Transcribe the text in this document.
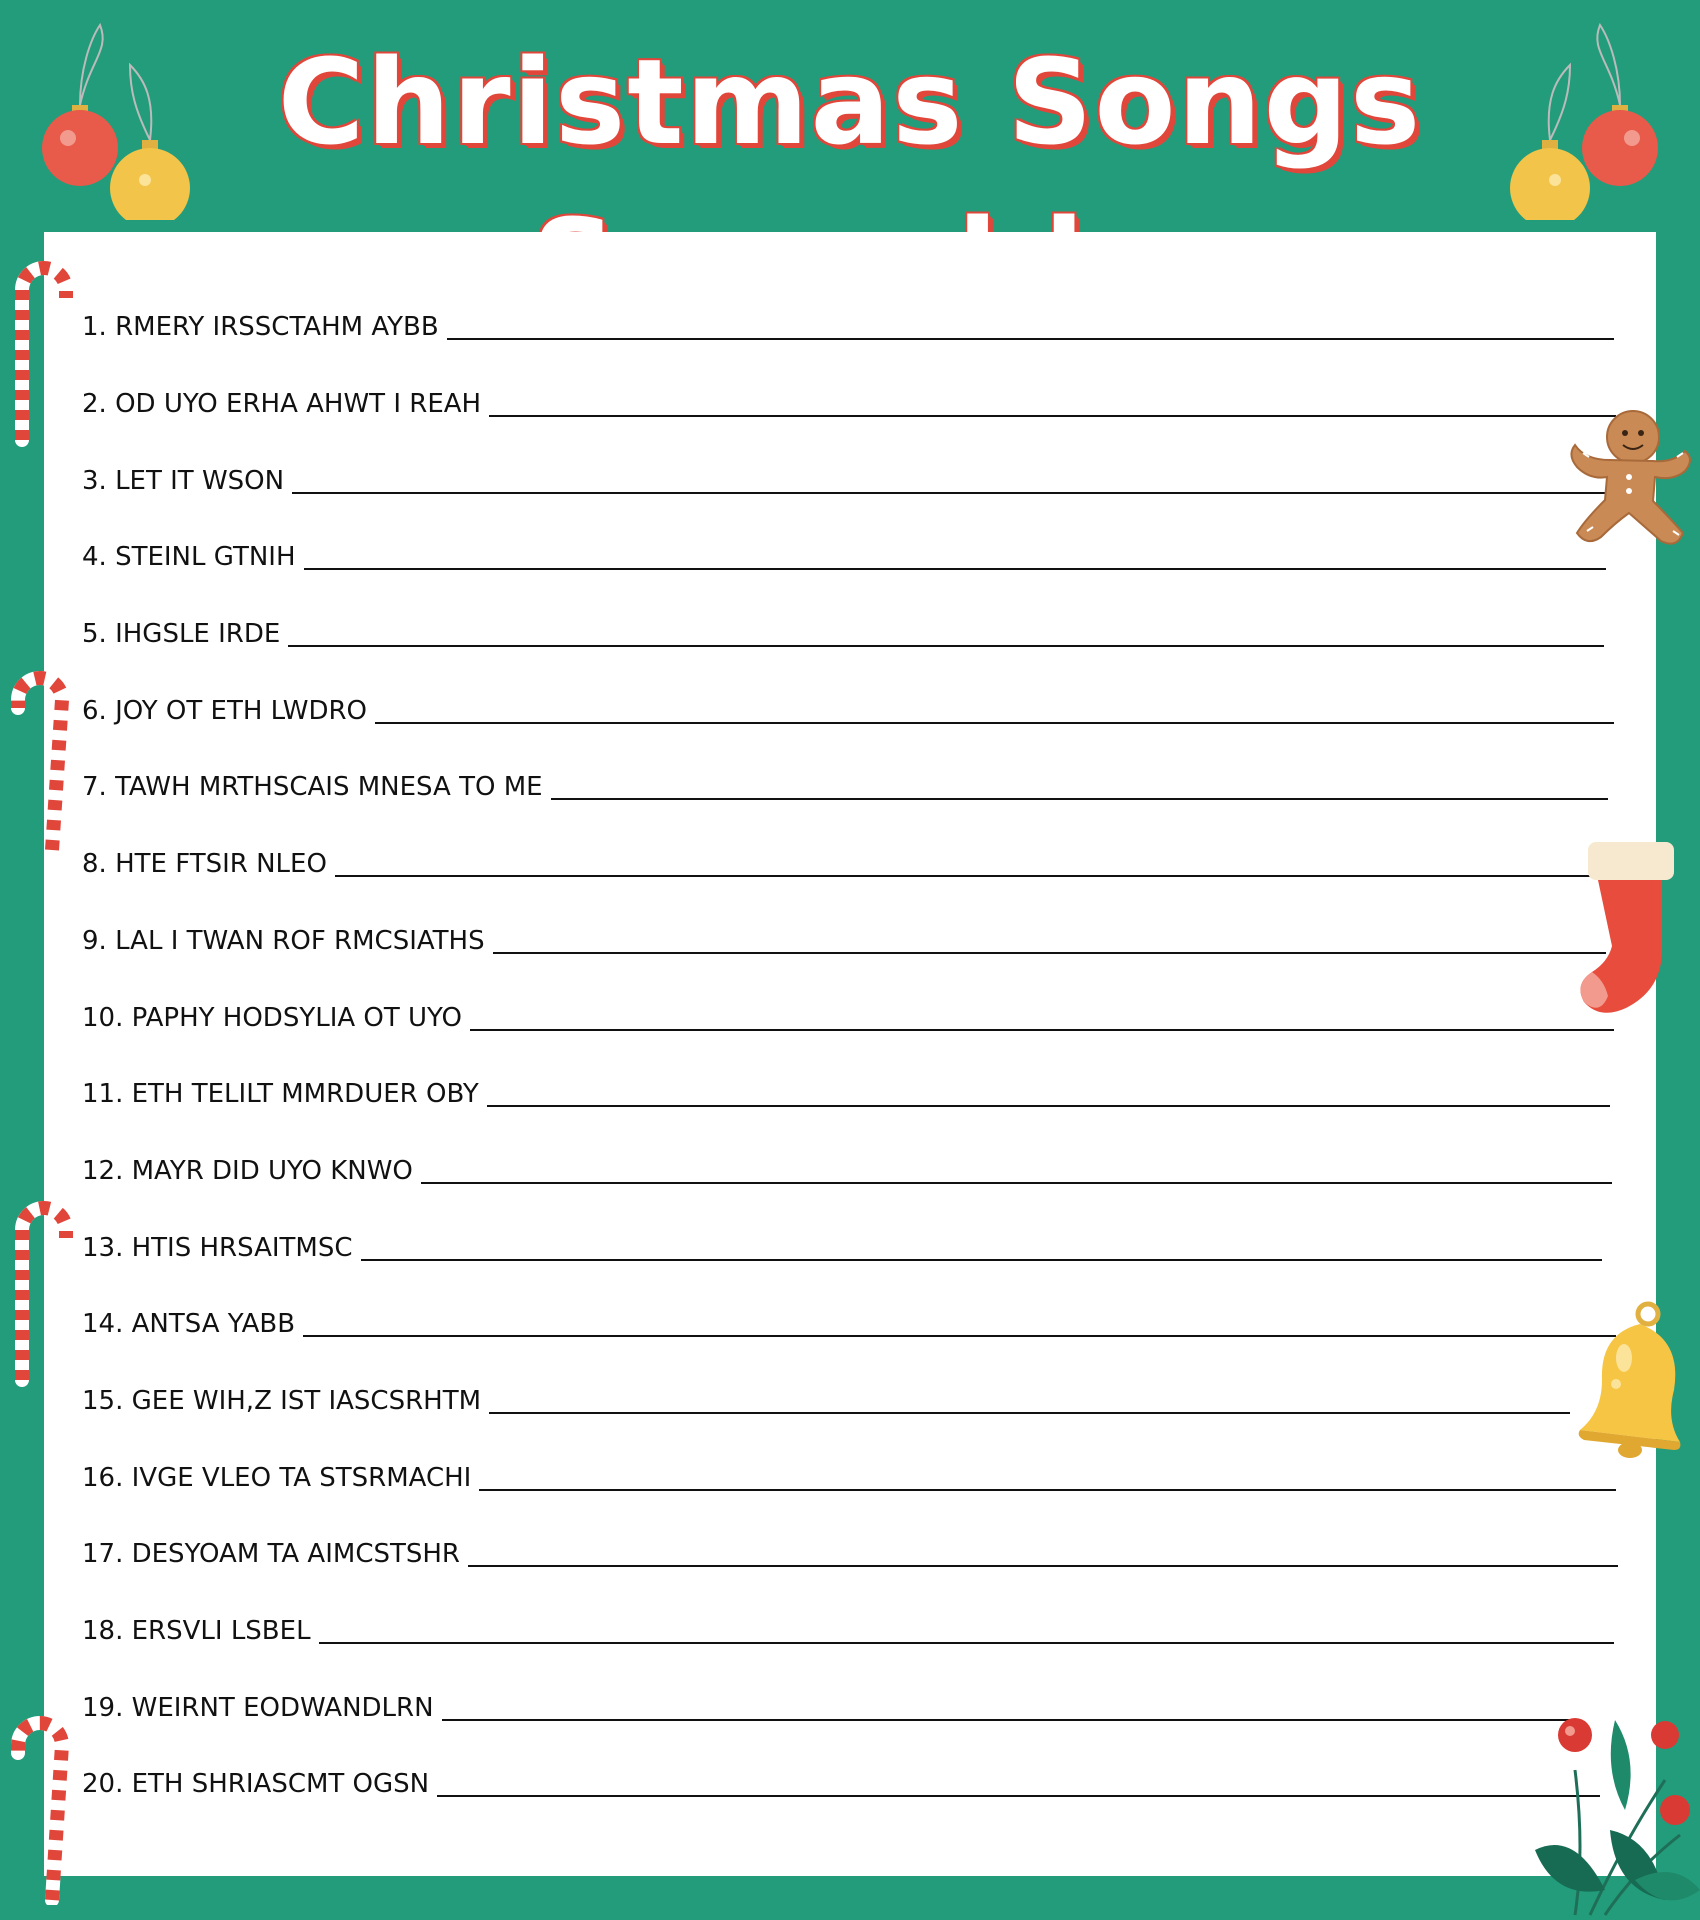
Christmas Songs
1. RMERY IRSSCTAHM AYBB
2. OD UYO ERHA AHWT I REAH
3. LET IT WSON
4. STEINL GTNIH
5. IHGSLE IRDE
6. JOY OT ETH LWDRO
7. TAWH MRTHSCAIS MNESA TO ME
8. HTE FTSIR NLEO
9. LAL I TWAN ROF RMCSIATHS
10. PAPHY HODSYLIA OT UYO
11. ETH TELILT MMRDUER OBY
12. MAYR DID UYO KNWO
13. HTIS HRSAITMSC
14. ANTSA YABB
15. GEE WIH,Z IST IASCSRHTM
16. IVGE VLEO TA STSRMACHI
17. DESYOAM TA AIMCSTSHR
18. ERSVLI LSBEL
19. WEIRNT EODWANDLRN
20. ETH SHRIASCMT OGSN
